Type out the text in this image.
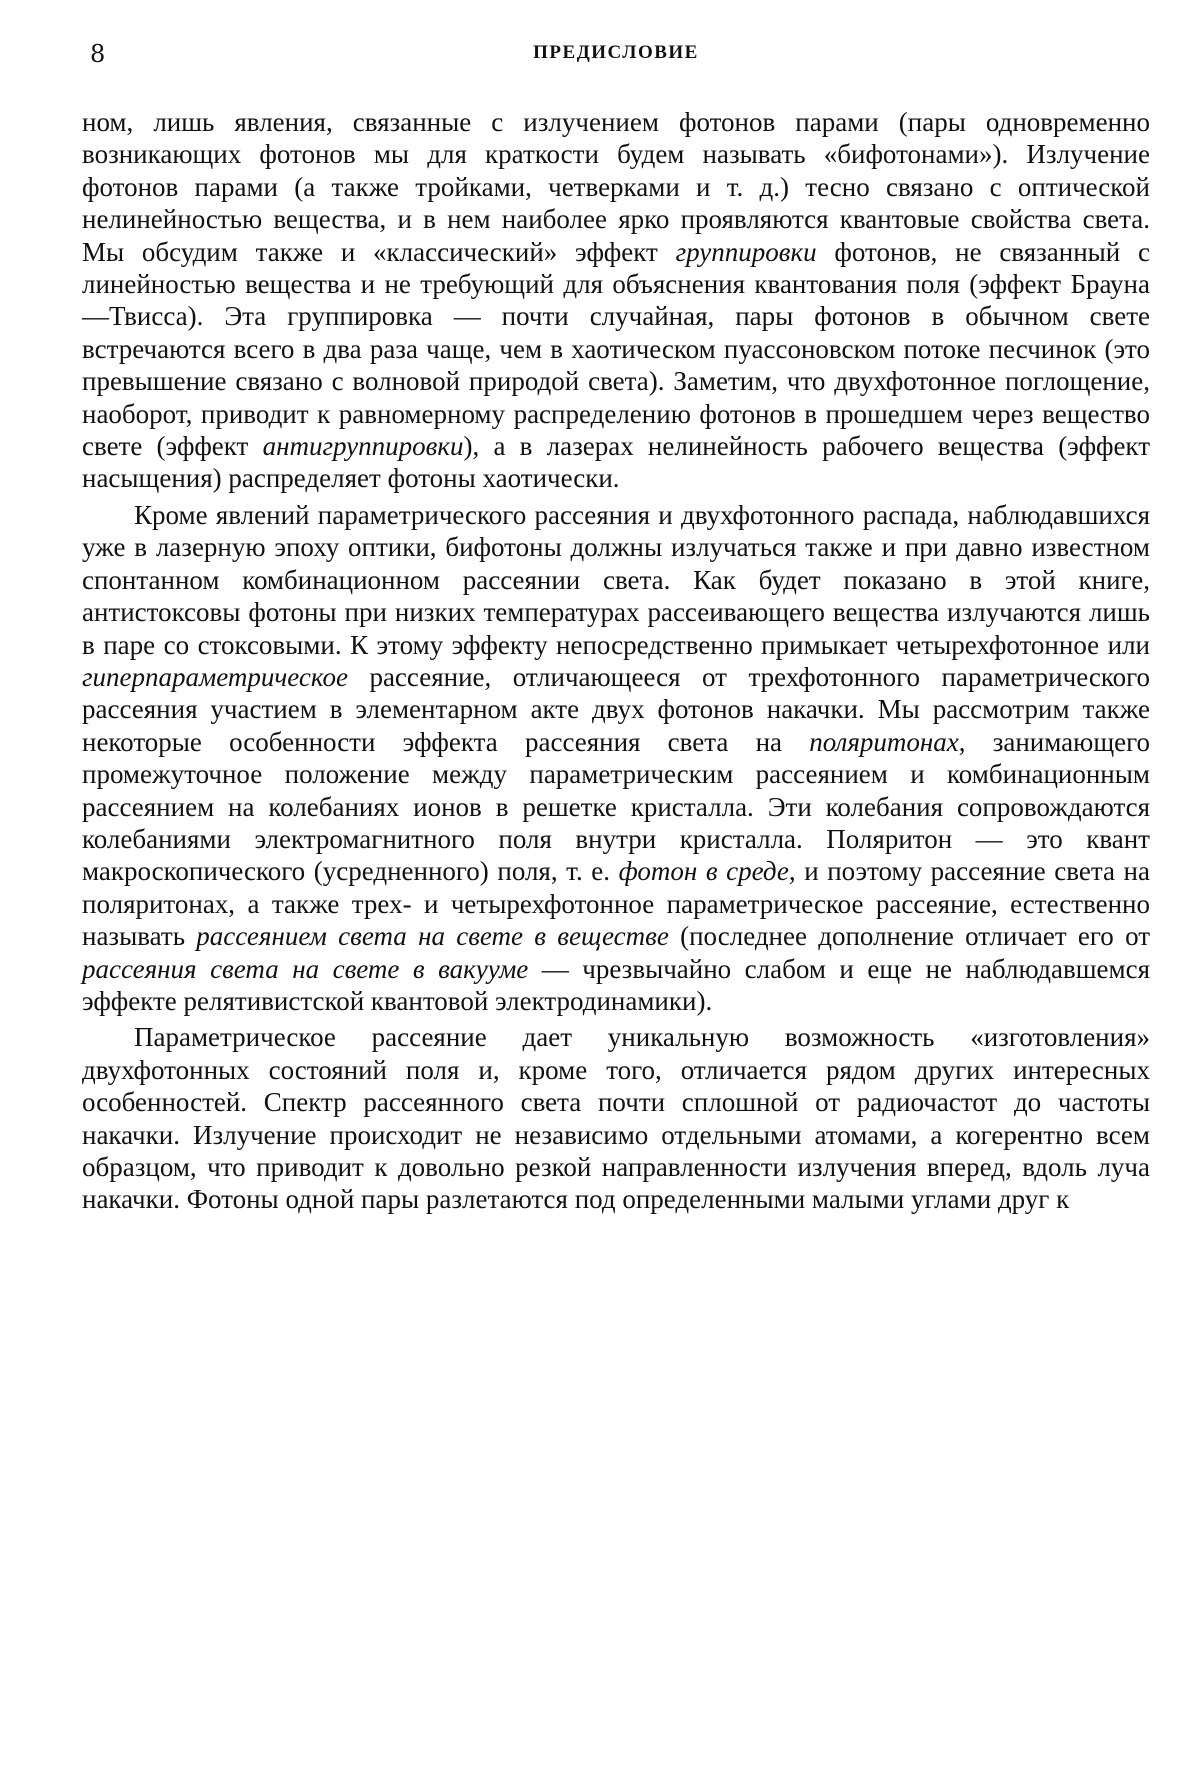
8	ПРЕДИСЛОВИЕ

ном, лишь явления, связанные с излучением фотонов парами (пары одновременно возникающих фотонов мы для краткости будем называть «бифотонами»). Излучение фотонов парами (а также тройками, четверками и т. д.) тесно связано с оптической нелинейностью вещества, и в нем наиболее ярко проявляются квантовые свойства света. Мы обсудим также и «классический» эффект группировки фотонов, не связанный с линейностью вещества и не требующий для объяснения квантования поля (эффект Брауна—Твисса). Эта группировка — почти случайная, пары фотонов в обычном свете встречаются всего в два раза чаще, чем в хаотическом пуассоновском потоке песчинок (это превышение связано с волновой природой света). Заметим, что двухфотонное поглощение, наоборот, приводит к равномерному распределению фотонов в прошедшем через вещество свете (эффект антигруппировки), а в лазерах нелинейность рабочего вещества (эффект насыщения) распределяет фотоны хаотически.

Кроме явлений параметрического рассеяния и двухфотонного распада, наблюдавшихся уже в лазерную эпоху оптики, бифотоны должны излучаться также и при давно известном спонтанном комбинационном рассеянии света. Как будет показано в этой книге, антистоксовы фотоны при низких температурах рассеивающего вещества излучаются лишь в паре со стоксовыми. К этому эффекту непосредственно примыкает четырехфотонное или гиперпараметрическое рассеяние, отличающееся от трехфотонного параметрического рассеяния участием в элементарном акте двух фотонов накачки. Мы рассмотрим также некоторые особенности эффекта рассеяния света на поляритонах, занимающего промежуточное положение между параметрическим рассеянием и комбинационным рассеянием на колебаниях ионов в решетке кристалла. Эти колебания сопровождаются колебаниями электромагнитного поля внутри кристалла. Поляритон — это квант макроскопического (усредненного) поля, т. е. фотон в среде, и поэтому рассеяние света на поляритонах, а также трех- и четырехфотонное параметрическое рассеяние, естественно называть рассеянием света на свете в веществе (последнее дополнение отличает его от рассеяния света на свете в вакууме — чрезвычайно слабом и еще не наблюдавшемся эффекте релятивистской квантовой электродинамики).

Параметрическое рассеяние дает уникальную возможность «изготовления» двухфотонных состояний поля и, кроме того, отличается рядом других интересных особенностей. Спектр рассеянного света почти сплошной от радиочастот до частоты накачки. Излучение происходит не независимо отдельными атомами, а когерентно всем образцом, что приводит к довольно резкой направленности излучения вперед, вдоль луча накачки. Фотоны одной пары разлетаются под определенными малыми углами друг к
